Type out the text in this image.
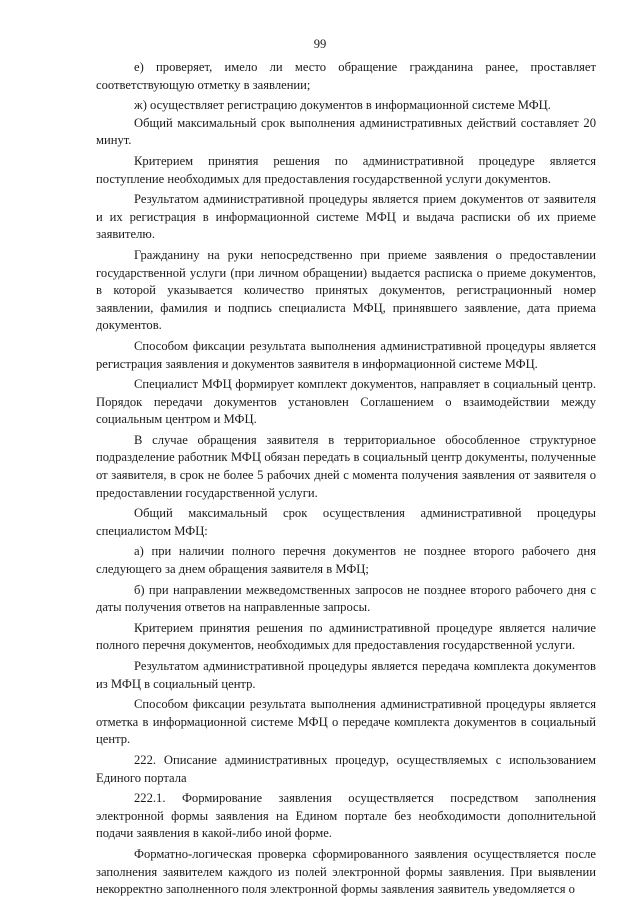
99

е) проверяет, имело ли место обращение гражданина ранее, проставляет соответствующую отметку в заявлении;

ж) осуществляет регистрацию документов в информационной системе МФЦ.

Общий максимальный срок выполнения административных действий составляет 20 минут.

Критерием принятия решения по административной процедуре является поступление необходимых для предоставления государственной услуги документов.

Результатом административной процедуры является прием документов от заявителя и их регистрация в информационной системе МФЦ и выдача расписки об их приеме заявителю.

Гражданину на руки непосредственно при приеме заявления о предоставлении государственной услуги (при личном обращении) выдается расписка о приеме документов, в которой указывается количество принятых документов, регистрационный номер заявлении, фамилия и подпись специалиста МФЦ, принявшего заявление, дата приема документов.

Способом фиксации результата выполнения административной процедуры является регистрация заявления и документов заявителя в информационной системе МФЦ.

Специалист МФЦ формирует комплект документов, направляет в социальный центр. Порядок передачи документов установлен Соглашением о взаимодействии между социальным центром и МФЦ.

В случае обращения заявителя в территориальное обособленное структурное подразделение работник МФЦ обязан передать в социальный центр документы, полученные от заявителя, в срок не более 5 рабочих дней с момента получения заявления от заявителя о предоставлении государственной услуги.

Общий максимальный срок осуществления административной процедуры специалистом МФЦ:

а) при наличии полного перечня документов не позднее второго рабочего дня следующего за днем обращения заявителя в МФЦ;

б) при направлении межведомственных запросов не позднее второго рабочего дня с даты получения ответов на направленные запросы.

Критерием принятия решения по административной процедуре является наличие полного перечня документов, необходимых для предоставления государственной услуги.

Результатом административной процедуры является передача комплекта документов из МФЦ в социальный центр.

Способом фиксации результата выполнения административной процедуры является отметка в информационной системе МФЦ о передаче комплекта документов в социальный центр.

222. Описание административных процедур, осуществляемых с использованием Единого портала

222.1. Формирование заявления осуществляется посредством заполнения электронной формы заявления на Едином портале без необходимости дополнительной подачи заявления в какой-либо иной форме.

Форматно-логическая проверка сформированного заявления осуществляется после заполнения заявителем каждого из полей электронной формы заявления. При выявлении некорректно заполненного поля электронной формы заявления заявитель уведомляется о
